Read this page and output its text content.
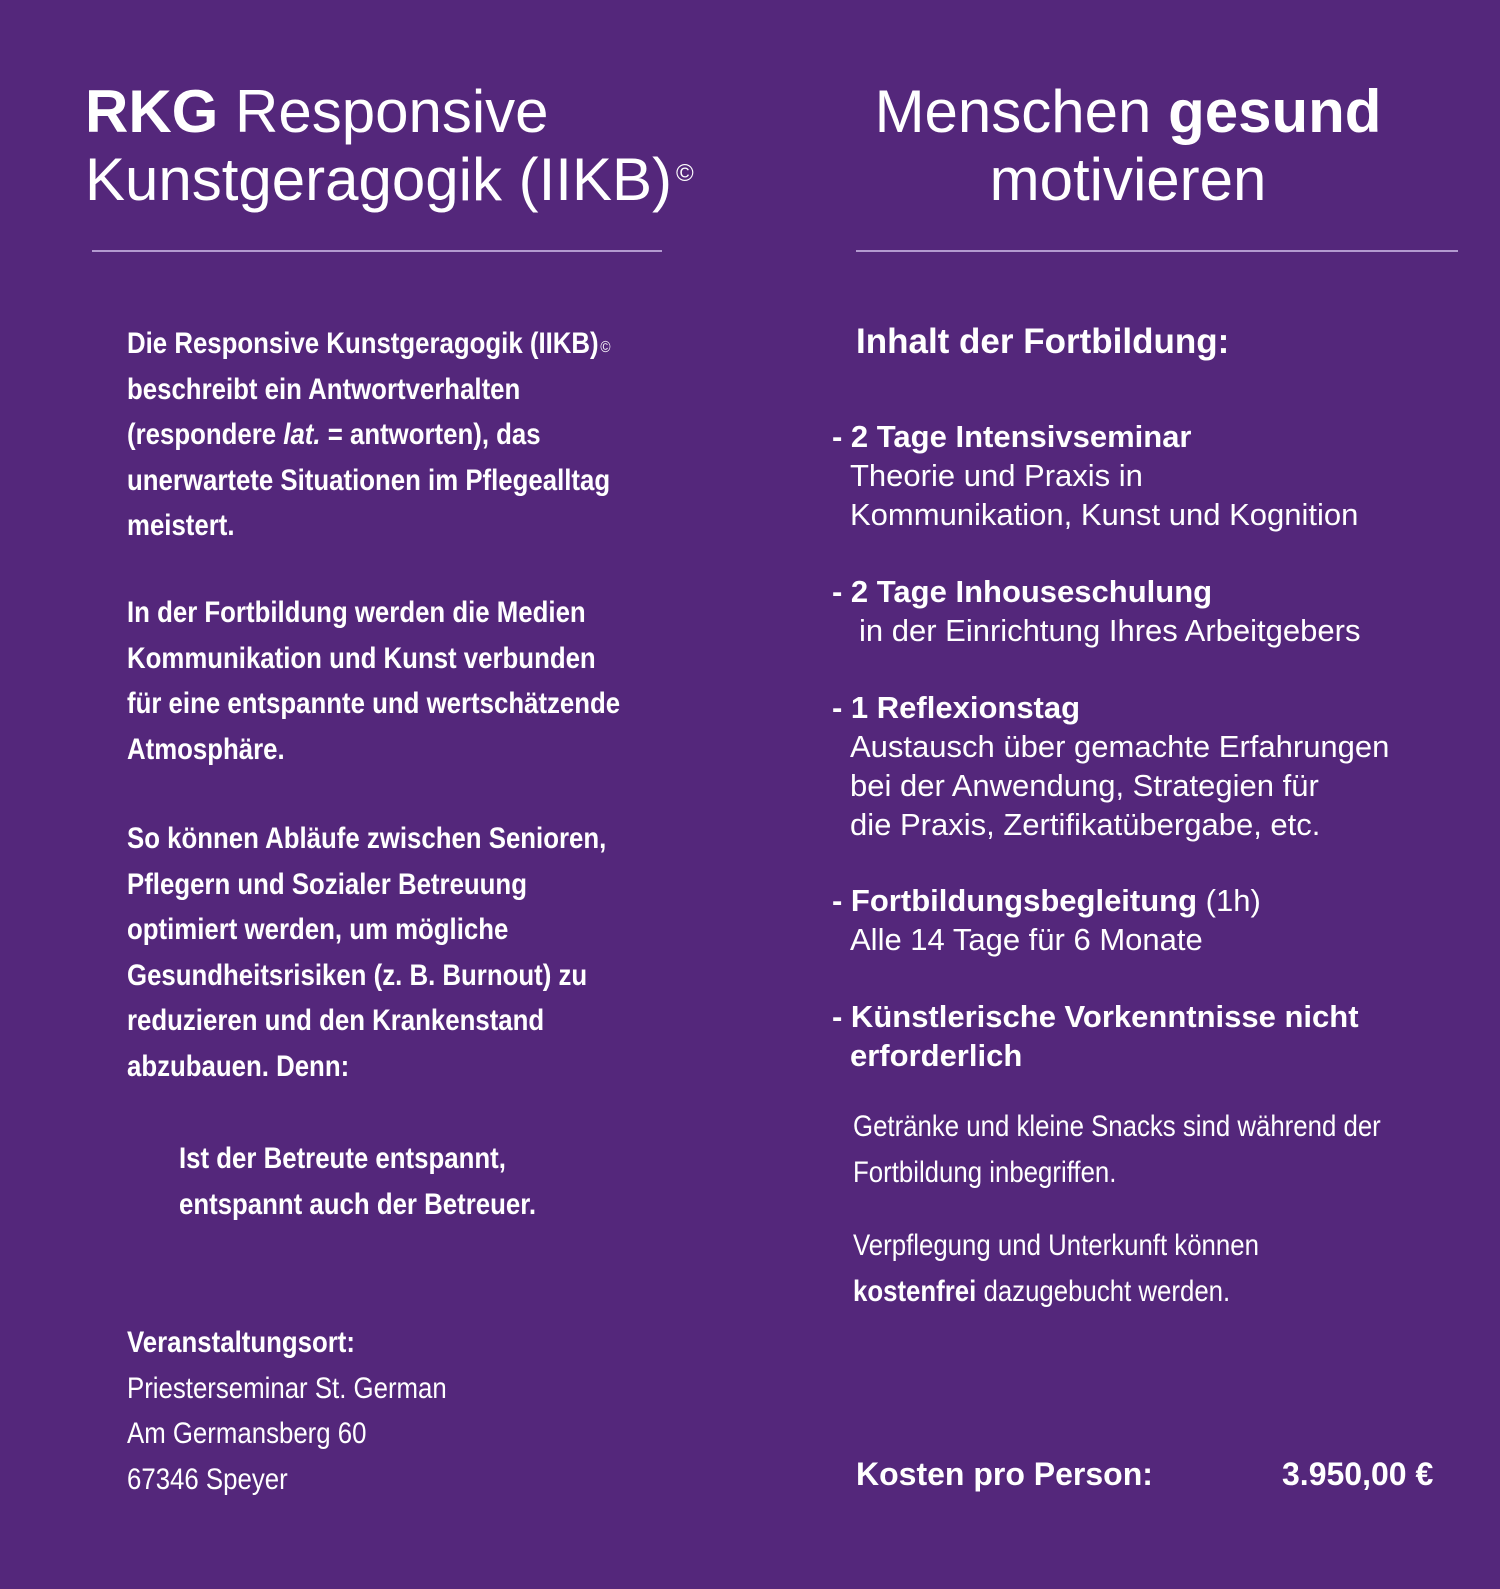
RKG Responsive
Kunstgeragogik (IIKB) ©
Die Responsive Kunstgeragogik (IIKB) ©
beschreibt ein Antwortverhalten
(respondere lat. = antworten), das
unerwartete Situationen im Pflegealltag
meistert.
In der Fortbildung werden die Medien
Kommunikation und Kunst verbunden
für eine entspannte und wertschätzende
Atmosphäre.
So können Abläufe zwischen Senioren,
Pflegern und Sozialer Betreuung
optimiert werden, um mögliche
Gesundheitsrisiken (z. B. Burnout) zu
reduzieren und den Krankenstand
abzubauen. Denn:
Ist der Betreute entspannt,
entspannt auch der Betreuer.
Veranstaltungsort:
Priesterseminar St. German
Am Germansberg 60
67346 Speyer
Menschen gesund
motivieren

Inhalt der Fortbildung:

- 2 Tage Intensivseminar
Theorie und Praxis in
Kommunikation, Kunst und Kognition
- 2 Tage Inhouseschulung
in der Einrichtung Ihres Arbeitgebers
- 1 Reflexionstag
Austausch über gemachte Erfahrungen
bei der Anwendung, Strategien für
die Praxis, Zertifikatübergabe, etc.
- Fortbildungsbegleitung (1h)
Alle 14 Tage für 6 Monate
- Künstlerische Vorkenntnisse nicht
erforderlich
Getränke und kleine Snacks sind während der
Fortbildung inbegriffen.
Verpflegung und Unterkunft können
kostenfrei dazugebucht werden.

Kosten pro Person:	3.950,00 €
